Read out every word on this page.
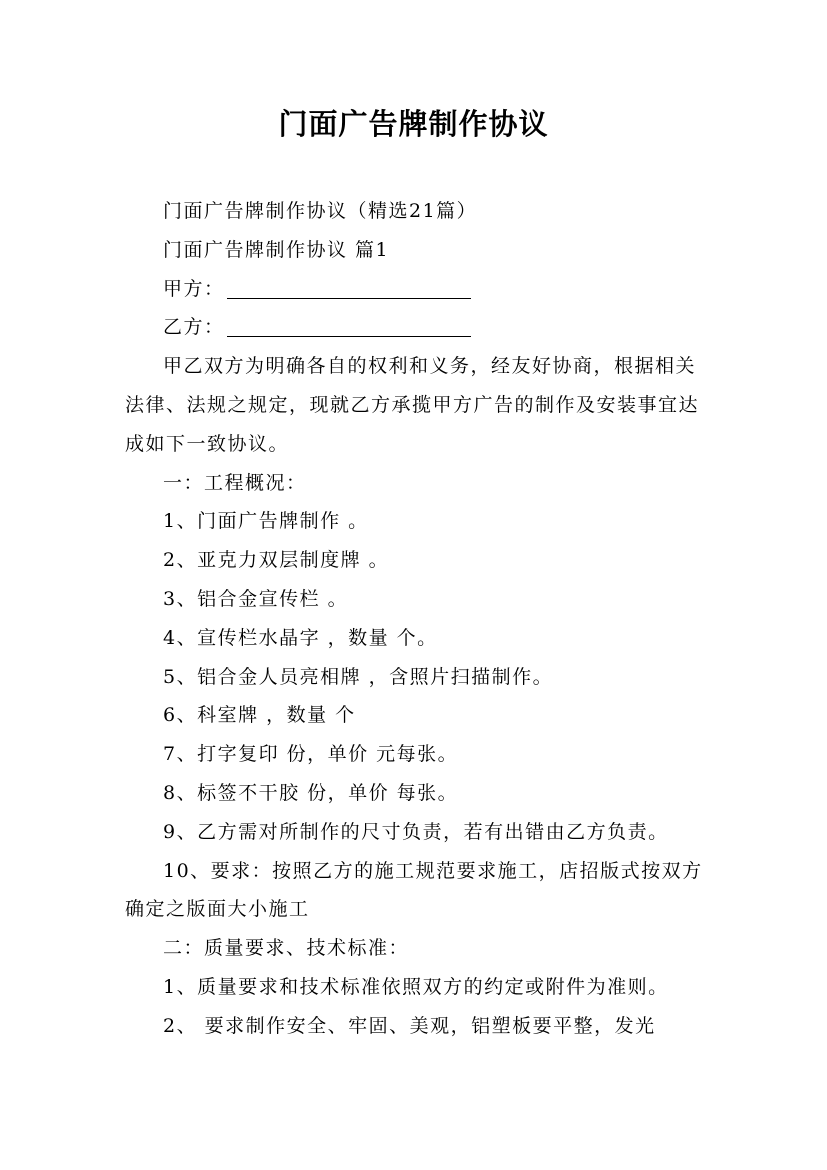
门面广告牌制作协议

门面广告牌制作协议（精选21篇）

门面广告牌制作协议 篇1

甲方：

乙方：

甲乙双方为明确各自的权利和义务，经友好协商，根据相关法律、法规之规定，现就乙方承揽甲方广告的制作及安装事宜达成如下一致协议。

一：工程概况：

1、门面广告牌制作 。

2、亚克力双层制度牌 。

3、铝合金宣传栏 。

4、宣传栏水晶字 ，数量 个。

5、铝合金人员亮相牌 ，含照片扫描制作。

6、科室牌 ，数量 个

7、打字复印 份，单价 元每张。

8、标签不干胶 份，单价 每张。

9、乙方需对所制作的尺寸负责，若有出错由乙方负责。

10、要求：按照乙方的施工规范要求施工，店招版式按双方确定之版面大小施工

二：质量要求、技术标准：

1、质量要求和技术标准依照双方的约定或附件为准则。

2、 要求制作安全、牢固、美观，铝塑板要平整，发光
